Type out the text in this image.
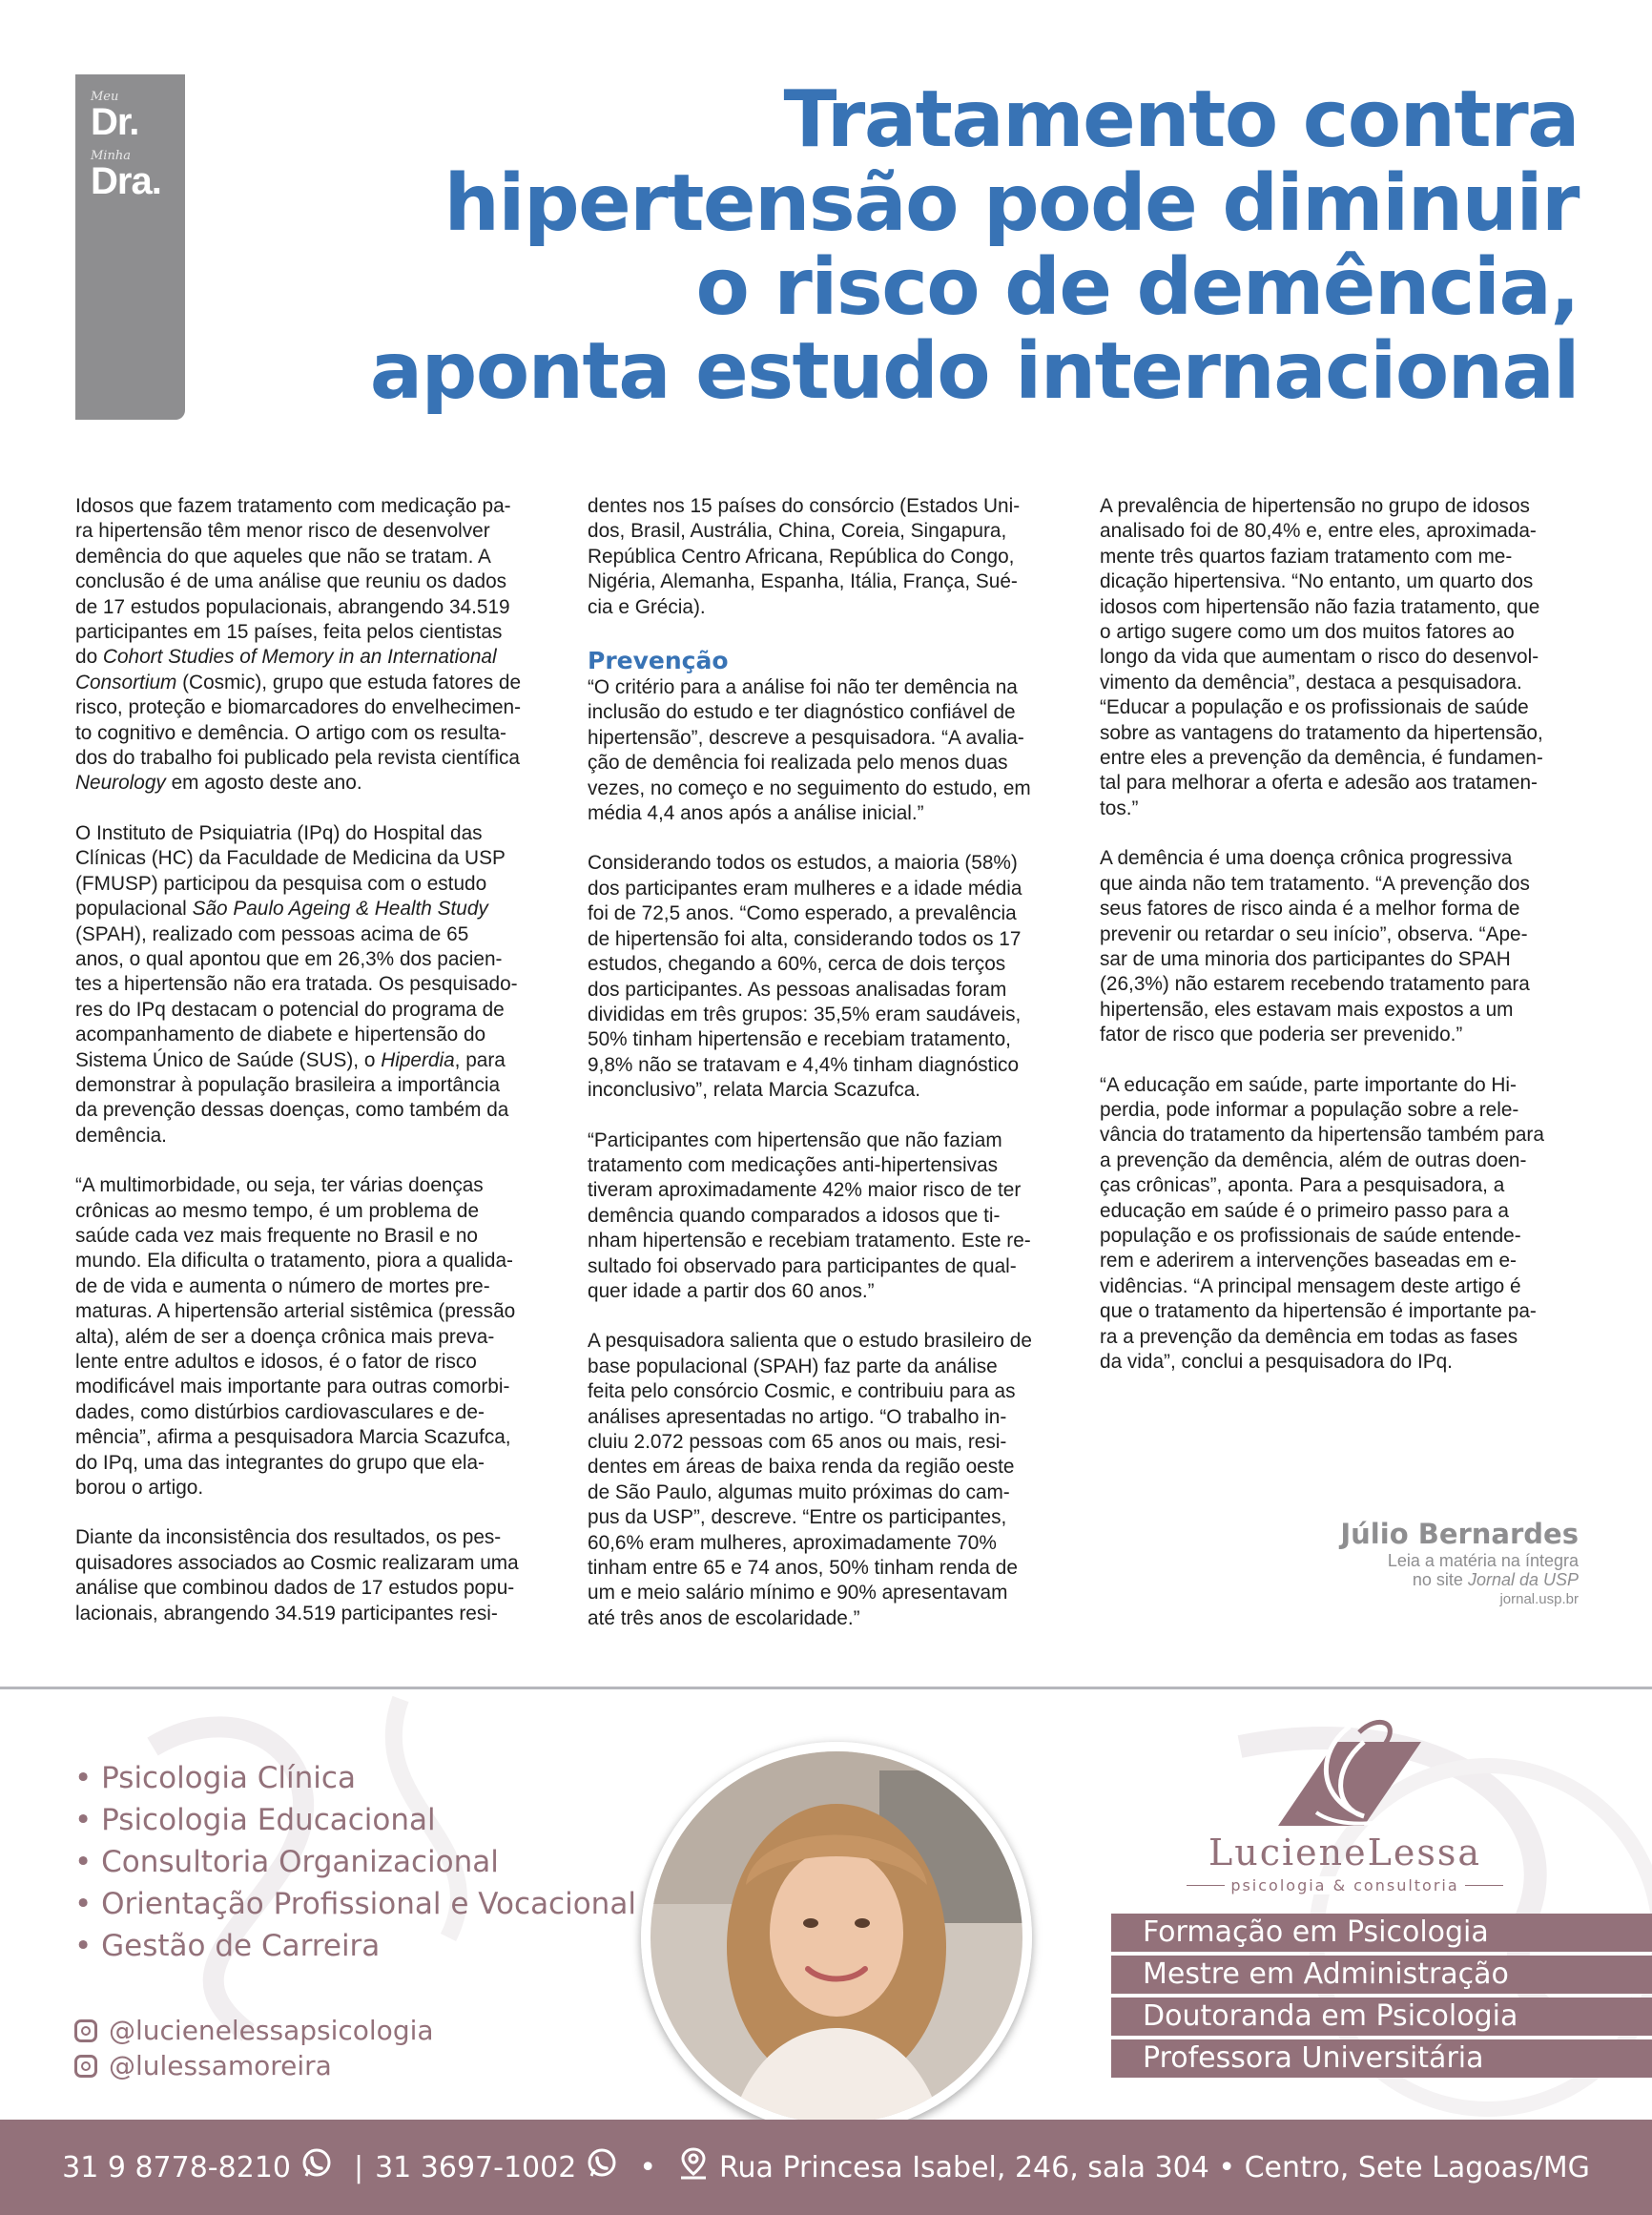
Meu
Dr.
Minha
Dra.
Tratamento contra
hipertensão pode diminuir
o risco de demência,
aponta estudo internacional

Idosos que fazem tratamento com medicação pa-
ra hipertensão têm menor risco de desenvolver
demência do que aqueles que não se tratam. A
conclusão é de uma análise que reuniu os dados
de 17 estudos populacionais, abrangendo 34.519
participantes em 15 países, feita pelos cientistas
do Cohort Studies of Memory in an International
Consortium (Cosmic), grupo que estuda fatores de
risco, proteção e biomarcadores do envelhecimen-
to cognitivo e demência. O artigo com os resulta-
dos do trabalho foi publicado pela revista científica
Neurology em agosto deste ano.

O Instituto de Psiquiatria (IPq) do Hospital das
Clínicas (HC) da Faculdade de Medicina da USP
(FMUSP) participou da pesquisa com o estudo
populacional São Paulo Ageing & Health Study
(SPAH), realizado com pessoas acima de 65
anos, o qual apontou que em 26,3% dos pacien-
tes a hipertensão não era tratada. Os pesquisado-
res do IPq destacam o potencial do programa de
acompanhamento de diabete e hipertensão do
Sistema Único de Saúde (SUS), o Hiperdia, para
demonstrar à população brasileira a importância
da prevenção dessas doenças, como também da
demência.

“A multimorbidade, ou seja, ter várias doenças
crônicas ao mesmo tempo, é um problema de
saúde cada vez mais frequente no Brasil e no
mundo. Ela dificulta o tratamento, piora a qualida-
de de vida e aumenta o número de mortes pre-
maturas. A hipertensão arterial sistêmica (pressão
alta), além de ser a doença crônica mais preva-
lente entre adultos e idosos, é o fator de risco
modificável mais importante para outras comorbi-
dades, como distúrbios cardiovasculares e de-
mência”, afirma a pesquisadora Marcia Scazufca,
do IPq, uma das integrantes do grupo que ela-
borou o artigo.

Diante da inconsistência dos resultados, os pes-
quisadores associados ao Cosmic realizaram uma
análise que combinou dados de 17 estudos popu-
lacionais, abrangendo 34.519 participantes resi-

dentes nos 15 países do consórcio (Estados Uni-
dos, Brasil, Austrália, China, Coreia, Singapura,
República Centro Africana, República do Congo,
Nigéria, Alemanha, Espanha, Itália, França, Sué-
cia e Grécia).

Prevenção

“O critério para a análise foi não ter demência na
inclusão do estudo e ter diagnóstico confiável de
hipertensão”, descreve a pesquisadora. “A avalia-
ção de demência foi realizada pelo menos duas
vezes, no começo e no seguimento do estudo, em
média 4,4 anos após a análise inicial.”

Considerando todos os estudos, a maioria (58%)
dos participantes eram mulheres e a idade média
foi de 72,5 anos. “Como esperado, a prevalência
de hipertensão foi alta, considerando todos os 17
estudos, chegando a 60%, cerca de dois terços
dos participantes. As pessoas analisadas foram
divididas em três grupos: 35,5% eram saudáveis,
50% tinham hipertensão e recebiam tratamento,
9,8% não se tratavam e 4,4% tinham diagnóstico
inconclusivo”, relata Marcia Scazufca.

“Participantes com hipertensão que não faziam
tratamento com medicações anti-hipertensivas
tiveram aproximadamente 42% maior risco de ter
demência quando comparados a idosos que ti-
nham hipertensão e recebiam tratamento. Este re-
sultado foi observado para participantes de qual-
quer idade a partir dos 60 anos.”

A pesquisadora salienta que o estudo brasileiro de
base populacional (SPAH) faz parte da análise
feita pelo consórcio Cosmic, e contribuiu para as
análises apresentadas no artigo. “O trabalho in-
cluiu 2.072 pessoas com 65 anos ou mais, resi-
dentes em áreas de baixa renda da região oeste
de São Paulo, algumas muito próximas do cam-
pus da USP”, descreve. “Entre os participantes,
60,6% eram mulheres, aproximadamente 70%
tinham entre 65 e 74 anos, 50% tinham renda de
um e meio salário mínimo e 90% apresentavam
até três anos de escolaridade.”

A prevalência de hipertensão no grupo de idosos
analisado foi de 80,4% e, entre eles, aproximada-
mente três quartos faziam tratamento com me-
dicação hipertensiva. “No entanto, um quarto dos
idosos com hipertensão não fazia tratamento, que
o artigo sugere como um dos muitos fatores ao
longo da vida que aumentam o risco do desenvol-
vimento da demência”, destaca a pesquisadora.
“Educar a população e os profissionais de saúde
sobre as vantagens do tratamento da hipertensão,
entre eles a prevenção da demência, é fundamen-
tal para melhorar a oferta e adesão aos tratamen-
tos.”

A demência é uma doença crônica progressiva
que ainda não tem tratamento. “A prevenção dos
seus fatores de risco ainda é a melhor forma de
prevenir ou retardar o seu início”, observa. “Ape-
sar de uma minoria dos participantes do SPAH
(26,3%) não estarem recebendo tratamento para
hipertensão, eles estavam mais expostos a um
fator de risco que poderia ser prevenido.”

“A educação em saúde, parte importante do Hi-
perdia, pode informar a população sobre a rele-
vância do tratamento da hipertensão também para
a prevenção da demência, além de outras doen-
ças crônicas”, aponta. Para a pesquisadora, a
educação em saúde é o primeiro passo para a
população e os profissionais de saúde entende-
rem e aderirem a intervenções baseadas em e-
vidências. “A principal mensagem deste artigo é
que o tratamento da hipertensão é importante pa-
ra a prevenção da demência em todas as fases
da vida”, conclui a pesquisadora do IPq.

Júlio Bernardes
Leia a matéria na íntegra
no site Jornal da USP
jornal.usp.br
• Psicologia Clínica
• Psicologia Educacional
• Consultoria Organizacional
• Orientação Profissional e Vocacional
• Gestão de Carreira
@lucienelessapsicologia
@lulessamoreira
LucieneLessa
psicologia & consultoria
Formação em Psicologia
Mestre em Administração
Doutoranda em Psicologia
Professora Universitária
31 9 8778-8210 | 31 3697-1002 • Rua Princesa Isabel, 246, sala 304 • Centro, Sete Lagoas/MG
